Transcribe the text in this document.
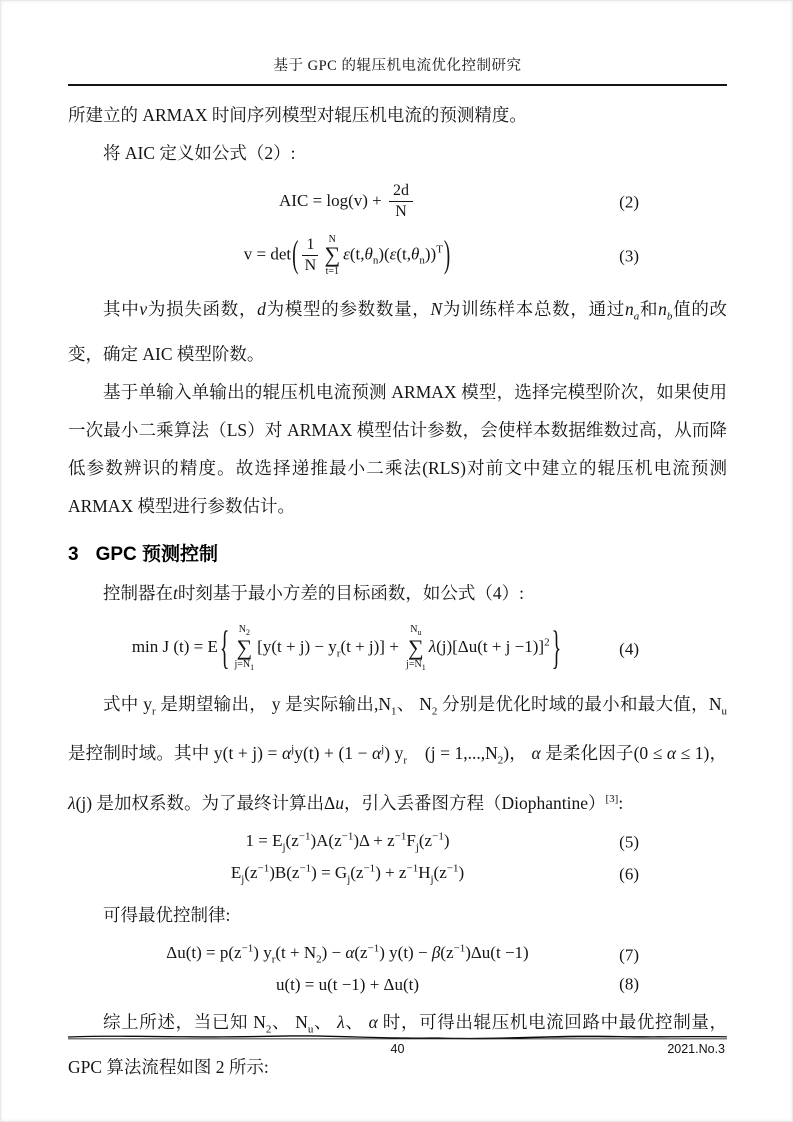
基于 GPC 的辊压机电流优化控制研究

所建立的 ARMAX 时间序列模型对辊压机电流的预测精度。

将 AIC 定义如公式（2）:

AIC = $\log(v) + \frac{2d}{N}$	(2)
$v = \det( \frac{1}{N}$ N
∑
t=1
$\varepsilon(t,\theta_n)(\varepsilon(t,\theta_n))^T$)	(3)

其中v为损失函数，d为模型的参数数量，N为训练样本总数，通过$n_a$和$n_b$值的改变，确定 AIC 模型阶数。

基于单输入单输出的辊压机电流预测 ARMAX 模型，选择完模型阶次，如果使用一次最小二乘算法（LS）对 ARMAX 模型估计参数，会使样本数据维数过高，从而降低参数辨识的精度。故选择递推最小二乘法(RLS)对前文中建立的辊压机电流预测 ARMAX 模型进行参数估计。

3 GPC 预测控制

控制器在t时刻基于最小方差的目标函数，如公式（4）:

min J (t) = E { $N_2$
∑
$j=N_1$
$[y(t + j) - y_r(t + j)]$ +
$N_u$
∑
$j=N_1$
$\lambda(j)[\Delta u(t + j -1)]^2$ }	(4)

式中 $y_r$ 是期望输出， y 是实际输出$,N_1$、 $N_2$ 分别是优化时域的最小和最大值，$N_u$ 是控制时域。其中 $y(t + j) = \alpha^jy(t) + (1 - \alpha^j)$ $y_r$　$(j = 1,...,N_2)$， α 是柔化因子(0 ≤ α ≤ 1)，λ(j) 是加权系数。为了最终计算出Δu，引入丢番图方程（Diophantine）[3]:

$1 = E_j(z^{-1})A(z^{-1})\Delta + z^{-1}F_j(z^{-1})$	(5)
$E_j(z^{-1})B(z^{-1}) = G_j(z^{-1}) + z^{-1}H_j(z^{-1})$	(6)

可得最优控制律:

$\Delta u(t) = p(z^{-1}) y_r(t + N_2) - \alpha(z^{-1}) y(t) - \beta(z^{-1})\Delta u(t -1)$	(7)
u(t) = u(t −1) + Δu(t)	(8)

综上所述，当已知 $N_2$、 $N_u$、 λ、 α 时，可得出辊压机电流回路中最优控制量，GPC 算法流程如图 2 所示:

40	2021.No.3
